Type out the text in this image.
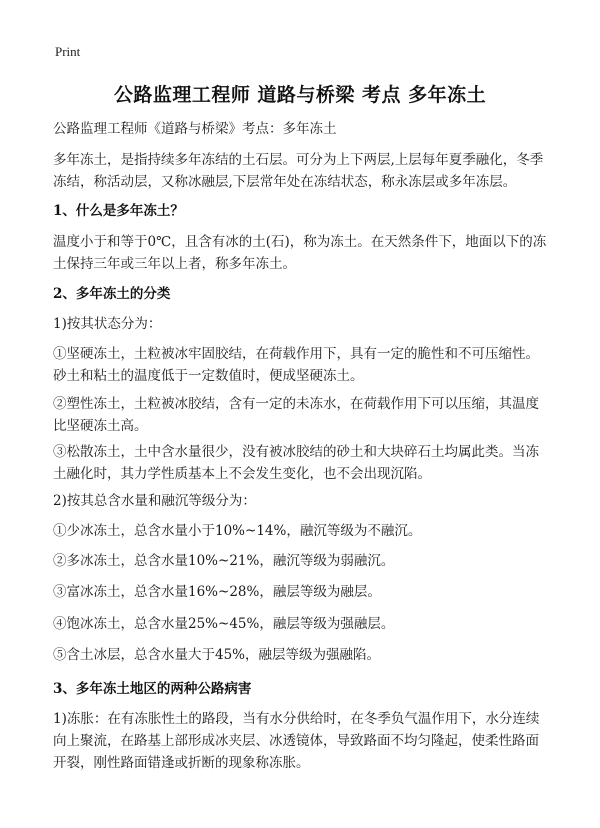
Print
公路监理工程师 道路与桥梁 考点 多年冻土
公路监理工程师《道路与桥梁》考点：多年冻土
多年冻土，是指持续多年冻结的土石层。可分为上下两层,上层每年夏季融化，冬季冻结，称活动层，又称冰融层,下层常年处在冻结状态，称永冻层或多年冻层。
1、什么是多年冻土？
温度小于和等于0℃，且含有冰的土(石)，称为冻土。在天然条件下，地面以下的冻土保持三年或三年以上者，称多年冻土。
2、多年冻土的分类
1)按其状态分为：
①坚硬冻土，土粒被冰牢固胶结，在荷载作用下，具有一定的脆性和不可压缩性。砂土和粘土的温度低于一定数值时，便成坚硬冻土。
②塑性冻土，土粒被冰胶结，含有一定的未冻水，在荷载作用下可以压缩，其温度比坚硬冻土高。
③松散冻土，土中含水量很少，没有被冰胶结的砂土和大块碎石土均属此类。当冻土融化时，其力学性质基本上不会发生变化，也不会出现沉陷。
2)按其总含水量和融沉等级分为：
①少冰冻土，总含水量小于10%~14%，融沉等级为不融沉。
②多冰冻土，总含水量10%~21%，融沉等级为弱融沉。
③富冰冻土，总含水量16%~28%，融层等级为融层。
④饱冰冻土，总含水量25%~45%，融层等级为强融层。
⑤含土冰层，总含水量大于45%，融层等级为强融陷。
3、多年冻土地区的两种公路病害
1)冻胀：在有冻胀性土的路段，当有水分供给时，在冬季负气温作用下，水分连续向上聚流，在路基上部形成冰夹层、冰透镜体，导致路面不均匀隆起，使柔性路面开裂，刚性路面错逢或折断的现象称冻胀。
